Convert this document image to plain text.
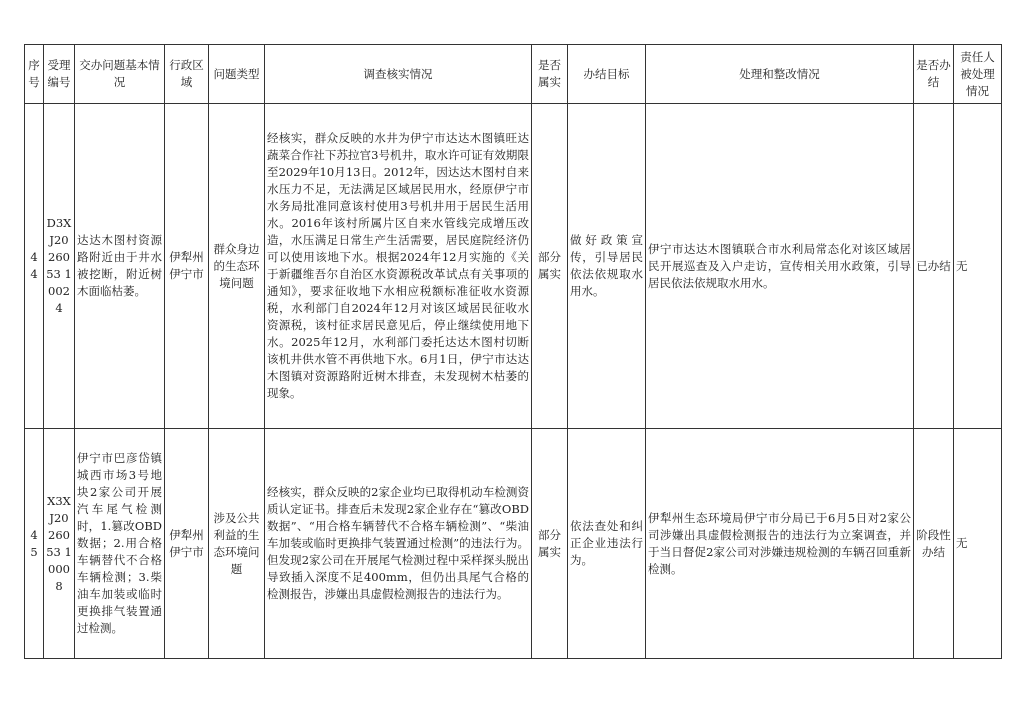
序号	受理编号	交办问题基本情况	行政区域	问题类型	调查核实情况	是否属实	办结目标	处理和整改情况	是否办结	责任人被处理情况
44	D3XJ2026053 10024	达达木图村资源路附近由于井水被挖断，附近树木面临枯萎。	伊犁州伊宁市	群众身边的生态环境问题	经核实，群众反映的水井为伊宁市达达木图镇旺达蔬菜合作社下苏拉官3号机井，取水许可证有效期限至2029年10月13日。2012年，因达达木图村自来水压力不足，无法满足区域居民用水，经原伊宁市水务局批准同意该村使用3号机井用于居民生活用水。2016年该村所属片区自来水管线完成增压改造，水压满足日常生产生活需要，居民庭院经济仍可以使用该地下水。根据2024年12月实施的《关于新疆维吾尔自治区水资源税改革试点有关事项的通知》，要求征收地下水相应税额标准征收水资源税，水利部门自2024年12月对该区域居民征收水资源税，该村征求居民意见后，停止继续使用地下水。2025年12月，水利部门委托达达木图村切断该机井供水管不再供地下水。6月1日，伊宁市达达木图镇对资源路附近树木排查，未发现树木枯萎的现象。	部分属实	做好政策宣传，引导居民依法依规取水用水。	伊宁市达达木图镇联合市水利局常态化对该区域居民开展巡查及入户走访，宣传相关用水政策，引导居民依法依规取水用水。	已办结	无
45	X3XJ2026053 10008	伊宁市巴彦岱镇城西市场3号地块2家公司开展汽车尾气检测时，1.篡改OBD数据；2.用合格车辆替代不合格车辆检测；3.柴油车加装或临时更换排气装置通过检测。	伊犁州伊宁市	涉及公共利益的生态环境问题	经核实，群众反映的2家企业均已取得机动车检测资质认定证书。排查后未发现2家企业存在“篡改OBD数据”、“用合格车辆替代不合格车辆检测”、“柴油车加装或临时更换排气装置通过检测”的违法行为。但发现2家公司在开展尾气检测过程中采样探头脱出导致插入深度不足400mm，但仍出具尾气合格的检测报告，涉嫌出具虚假检测报告的违法行为。	部分属实	依法查处和纠正企业违法行为。	伊犁州生态环境局伊宁市分局已于6月5日对2家公司涉嫌出具虚假检测报告的违法行为立案调查，并于当日督促2家公司对涉嫌违规检测的车辆召回重新检测。	阶段性办结	无
